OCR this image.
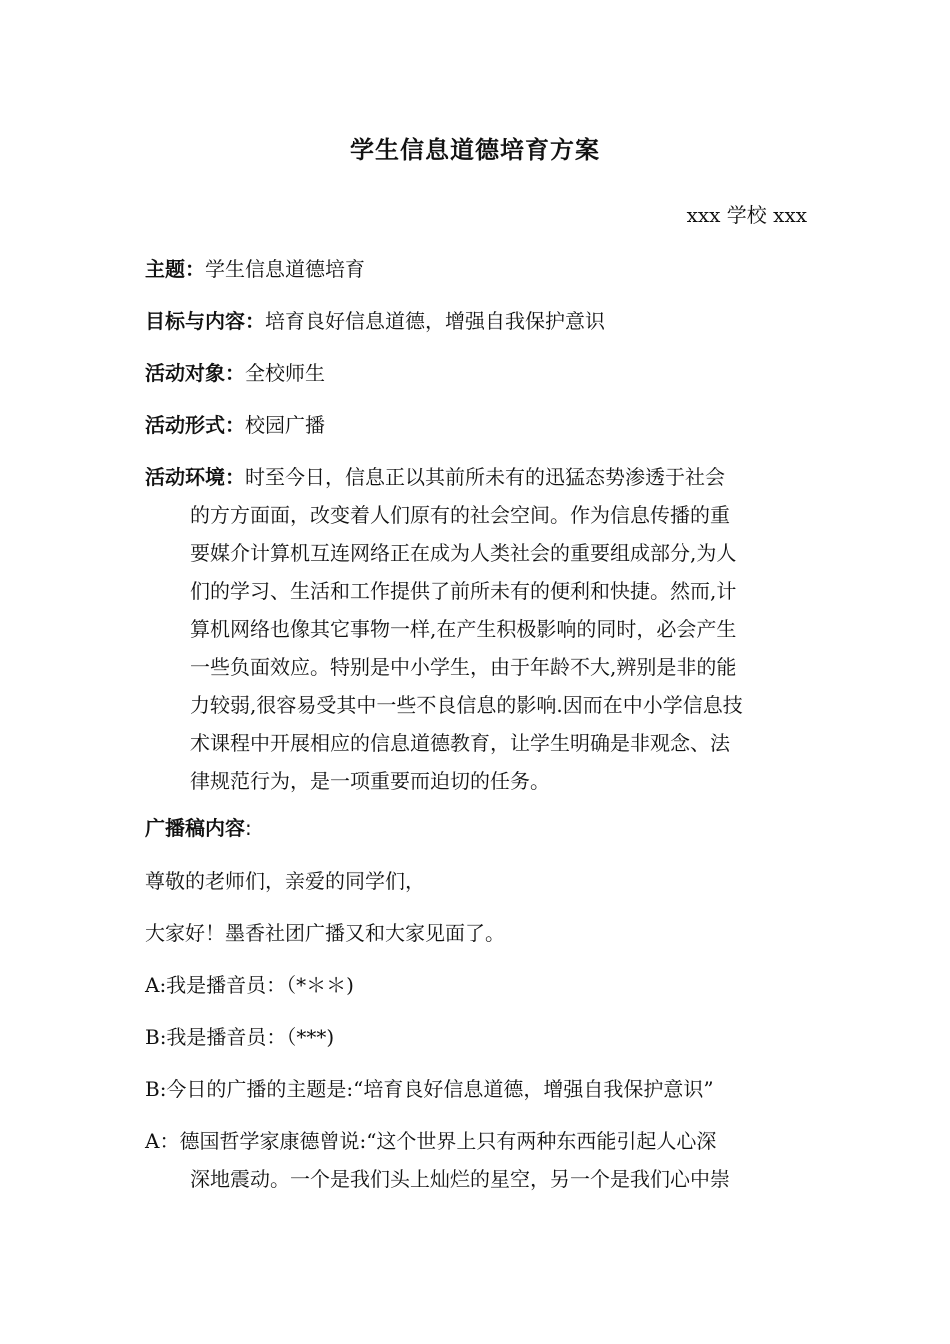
学生信息道德培育方案
xxx 学校 xxx
主题：学生信息道德培育
目标与内容：培育良好信息道德，增强自我保护意识
活动对象：全校师生
活动形式：校园广播
活动环境：时至今日，信息正以其前所未有的迅猛态势渗透于社会
的方方面面，改变着人们原有的社会空间。作为信息传播的重
要媒介计算机互连网络正在成为人类社会的重要组成部分,为人
们的学习、生活和工作提供了前所未有的便利和快捷。然而,计
算机网络也像其它事物一样,在产生积极影响的同时，必会产生
一些负面效应。特别是中小学生，由于年龄不大,辨别是非的能
力较弱,很容易受其中一些不良信息的影响.因而在中小学信息技
术课程中开展相应的信息道德教育，让学生明确是非观念、法
律规范行为，是一项重要而迫切的任务。
广播稿内容:
尊敬的老师们，亲爱的同学们，
大家好！墨香社团广播又和大家见面了。
A:我是播音员：（*＊＊)
B:我是播音员：（***)
B:今日的广播的主题是:“培育良好信息道德，增强自我保护意识”
A：德国哲学家康德曾说:“这个世界上只有两种东西能引起人心深
深地震动。一个是我们头上灿烂的星空，另一个是我们心中崇
